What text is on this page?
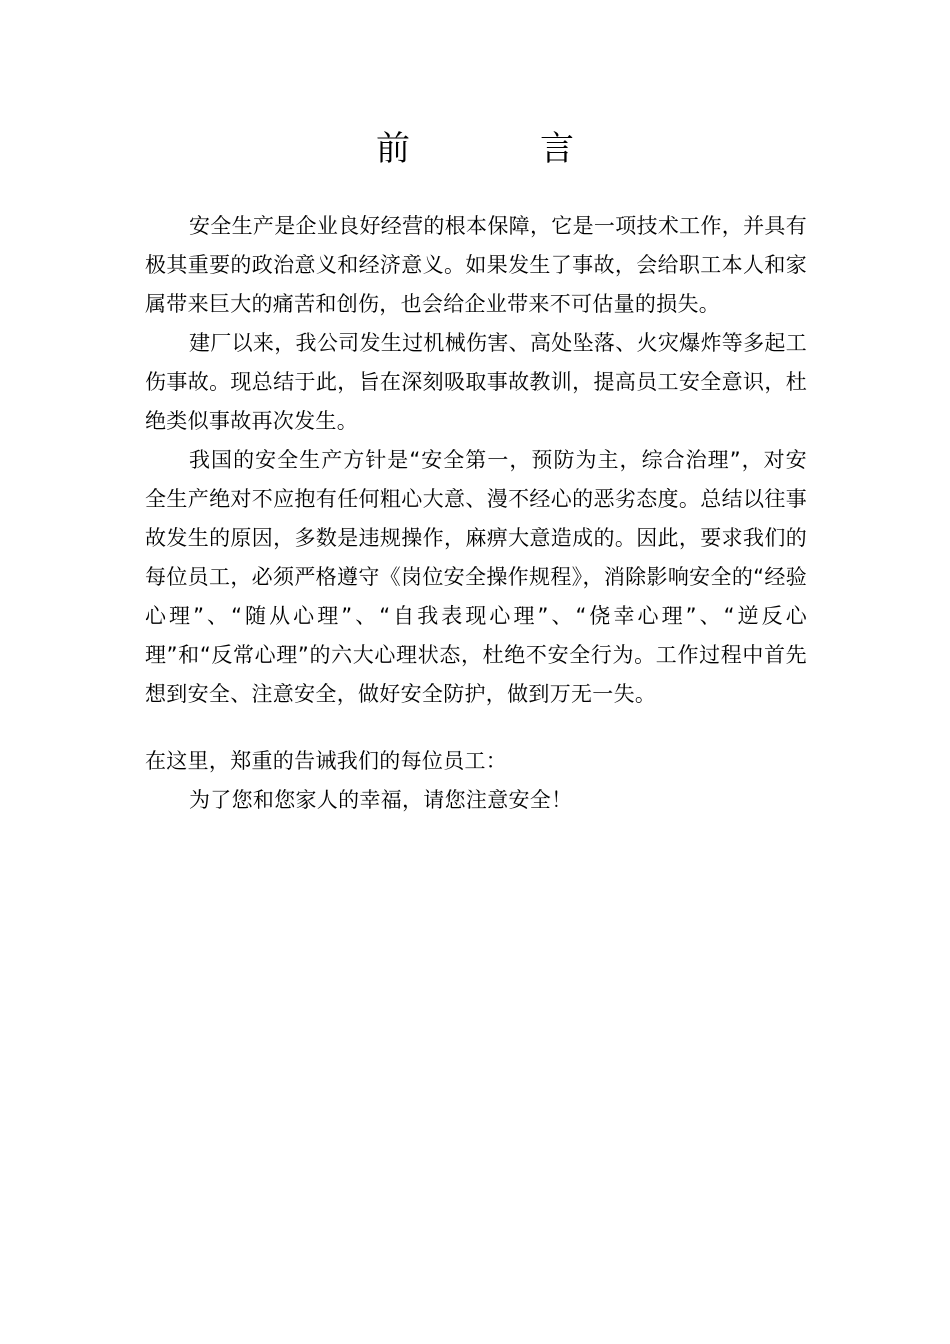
前　言

安全生产是企业良好经营的根本保障，它是一项技术工作，并具有极其重要的政治意义和经济意义。如果发生了事故，会给职工本人和家属带来巨大的痛苦和创伤，也会给企业带来不可估量的损失。

建厂以来，我公司发生过机械伤害、高处坠落、火灾爆炸等多起工伤事故。现总结于此，旨在深刻吸取事故教训，提高员工安全意识，杜绝类似事故再次发生。

我国的安全生产方针是“安全第一，预防为主，综合治理”，对安全生产绝对不应抱有任何粗心大意、漫不经心的恶劣态度。总结以往事故发生的原因，多数是违规操作，麻痹大意造成的。因此，要求我们的每位员工，必须严格遵守《岗位安全操作规程》，消除影响安全的“经验心理”、“随从心理”、“自我表现心理”、“侥幸心理”、“逆反心理”和“反常心理”的六大心理状态，杜绝不安全行为。工作过程中首先想到安全、注意安全，做好安全防护，做到万无一失。

在这里，郑重的告诫我们的每位员工：

为了您和您家人的幸福，请您注意安全！
